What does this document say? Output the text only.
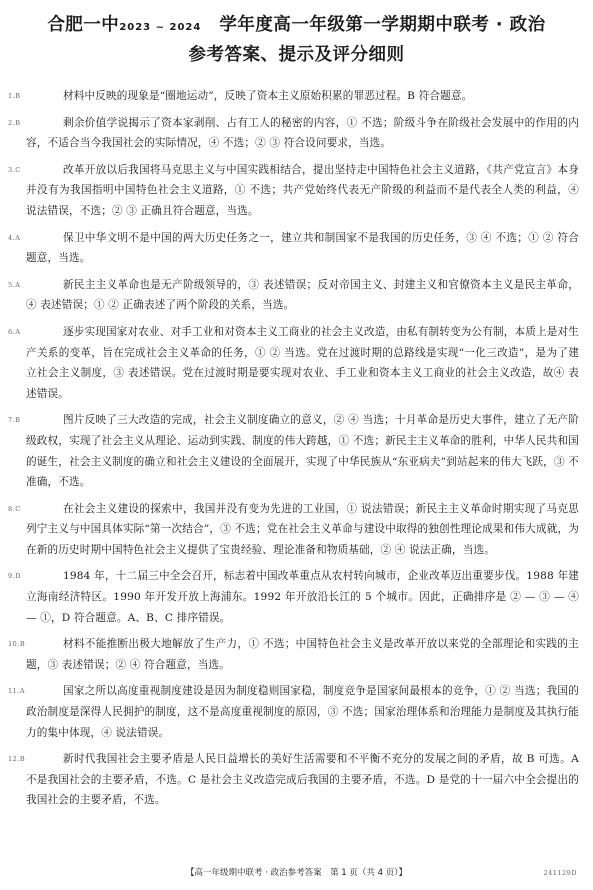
合肥一中2023 ~ 2024　 学年度高一年级第一学期期中联考 · 政治
参考答案、提示及评分细则
1.B	材料中反映的现象是“圈地运动”，反映了资本主义原始积累的罪恶过程。B 符合题意。
2.B	剩余价值学说揭示了资本家剥削、占有工人的秘密的内容，① 不选；阶级斗争在阶级社会发展中的作用的内容，不适合当今我国社会的实际情况，④ 不选；② ③ 符合设问要求，当选。
3.C	改革开放以后我国将马克思主义与中国实践相结合，提出坚持走中国特色社会主义道路，《共产党宣言》本身并没有为我国指明中国特色社会主义道路，① 不选；共产党始终代表无产阶级的利益而不是代表全人类的利益，④ 说法错误，不选；② ③ 正确且符合题意，当选。
4.A	保卫中华文明不是中国的两大历史任务之一，建立共和制国家不是我国的历史任务，③ ④ 不选；① ② 符合题意，当选。
5.A	新民主主义革命也是无产阶级领导的，③ 表述错误；反对帝国主义、封建主义和官僚资本主义是民主革命，④ 表述错误；① ② 正确表述了两个阶段的关系，当选。
6.A	逐步实现国家对农业、对手工业和对资本主义工商业的社会主义改造，由私有制转变为公有制，本质上是对生产关系的变革，旨在完成社会主义革命的任务，① ② 当选。党在过渡时期的总路线是实现“一化三改造”，是为了建立社会主义制度，③ 表述错误。党在过渡时期是要实现对农业、手工业和资本主义工商业的社会主义改造，故④ 表述错误。
7.B	图片反映了三大改造的完成，社会主义制度确立的意义，② ④ 当选；十月革命是历史大事件，建立了无产阶级政权，实现了社会主义从理论、运动到实践、制度的伟大跨越，① 不选；新民主主义革命的胜利，中华人民共和国的诞生，社会主义制度的确立和社会主义建设的全面展开，实现了中华民族从“东亚病夫”到站起来的伟大飞跃，③ 不准确，不选。
8.C	在社会主义建设的探索中，我国并没有变为先进的工业国，① 说法错误；新民主主义革命时期实现了马克思列宁主义与中国具体实际“第一次结合”，③ 不选；党在社会主义革命与建设中取得的独创性理论成果和伟大成就，为在新的历史时期中国特色社会主义提供了宝贵经验、理论准备和物质基础，② ④ 说法正确，当选。
9.D	1984 年，十二届三中全会召开，标志着中国改革重点从农村转向城市，企业改革迈出重要步伐。1988 年建立海南经济特区。1990 年开发开放上海浦东。1992 年开放沿长江的 5 个城市。因此，正确排序是 ② — ③ — ④ — ①，D 符合题意。A、B、C 排序错误。
10.B	材料不能推断出极大地解放了生产力，① 不选；中国特色社会主义是改革开放以来党的全部理论和实践的主题，③ 表述错误；② ④ 符合题意，当选。
11.A	国家之所以高度重视制度建设是因为制度稳则国家稳，制度竞争是国家间最根本的竞争，① ② 当选；我国的政治制度是深得人民拥护的制度，这不是高度重视制度的原因，③ 不选；国家治理体系和治理能力是制度及其执行能力的集中体现，④ 说法错误。
12.B	新时代我国社会主要矛盾是人民日益增长的美好生活需要和不平衡不充分的发展之间的矛盾，故 B 可选。A 不是我国社会的主要矛盾，不选。C 是社会主义改造完成后我国的主要矛盾，不选。D 是党的十一届六中全会提出的我国社会的主要矛盾，不选。
【高一年级期中联考 · 政治参考答案　第 1 页（共 4 页）】	241129D
